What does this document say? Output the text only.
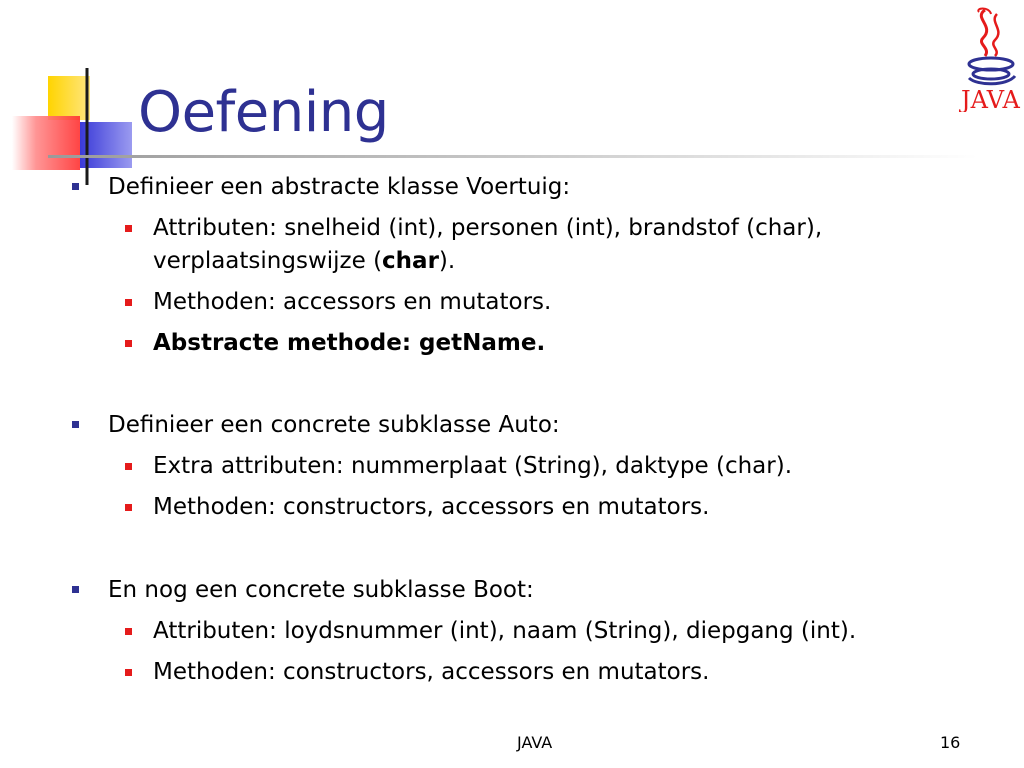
Oefening	JAVA
Definieer een abstracte klasse Voertuig:
Attributen: snelheid (int), personen (int), brandstof (char),
verplaatsingswijze (char).
Methoden: accessors en mutators.
Abstracte methode: getName.
Definieer een concrete subklasse Auto:
Extra attributen: nummerplaat (String), daktype (char).
Methoden: constructors, accessors en mutators.
En nog een concrete subklasse Boot:
Attributen: loydsnummer (int), naam (String), diepgang (int).
Methoden: constructors, accessors en mutators.
JAVA	16
